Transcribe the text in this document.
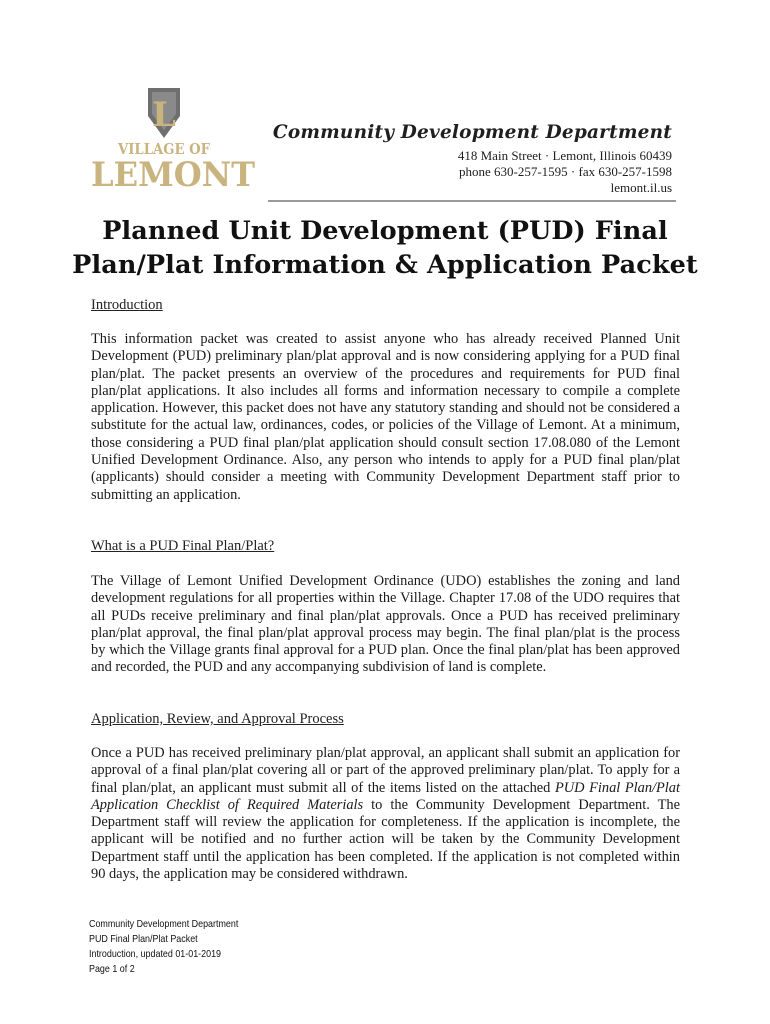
L
VILLAGE OF
LEMONT
Community Development Department
418 Main Street · Lemont, Illinois 60439
phone 630-257-1595 · fax 630-257-1598
lemont.il.us
Planned Unit Development (PUD) Final
Plan/Plat Information & Application Packet
Introduction

This information packet was created to assist anyone who has already received Planned Unit Development (PUD) preliminary plan/plat approval and is now considering applying for a PUD final plan/plat. The packet presents an overview of the procedures and requirements for PUD final plan/plat applications. It also includes all forms and information necessary to compile a complete application. However, this packet does not have any statutory standing and should not be considered a substitute for the actual law, ordinances, codes, or policies of the Village of Lemont. At a minimum, those considering a PUD final plan/plat application should consult section 17.08.080 of the Lemont Unified Development Ordinance. Also, any person who intends to apply for a PUD final plan/plat (applicants) should consider a meeting with Community Development Department staff prior to submitting an application.

What is a PUD Final Plan/Plat?

The Village of Lemont Unified Development Ordinance (UDO) establishes the zoning and land development regulations for all properties within the Village. Chapter 17.08 of the UDO requires that all PUDs receive preliminary and final plan/plat approvals. Once a PUD has received preliminary plan/plat approval, the final plan/plat approval process may begin. The final plan/plat is the process by which the Village grants final approval for a PUD plan. Once the final plan/plat has been approved and recorded, the PUD and any accompanying subdivision of land is complete.

Application, Review, and Approval Process

Once a PUD has received preliminary plan/plat approval, an applicant shall submit an application for approval of a final plan/plat covering all or part of the approved preliminary plan/plat. To apply for a final plan/plat, an applicant must submit all of the items listed on the attached PUD Final Plan/Plat Application Checklist of Required Materials to the Community Development Department. The Department staff will review the application for completeness. If the application is incomplete, the applicant will be notified and no further action will be taken by the Community Development Department staff until the application has been completed. If the application is not completed within 90 days, the application may be considered withdrawn.

Community Development Department
PUD Final Plan/Plat Packet
Introduction, updated 01-01-2019
Page 1 of 2
